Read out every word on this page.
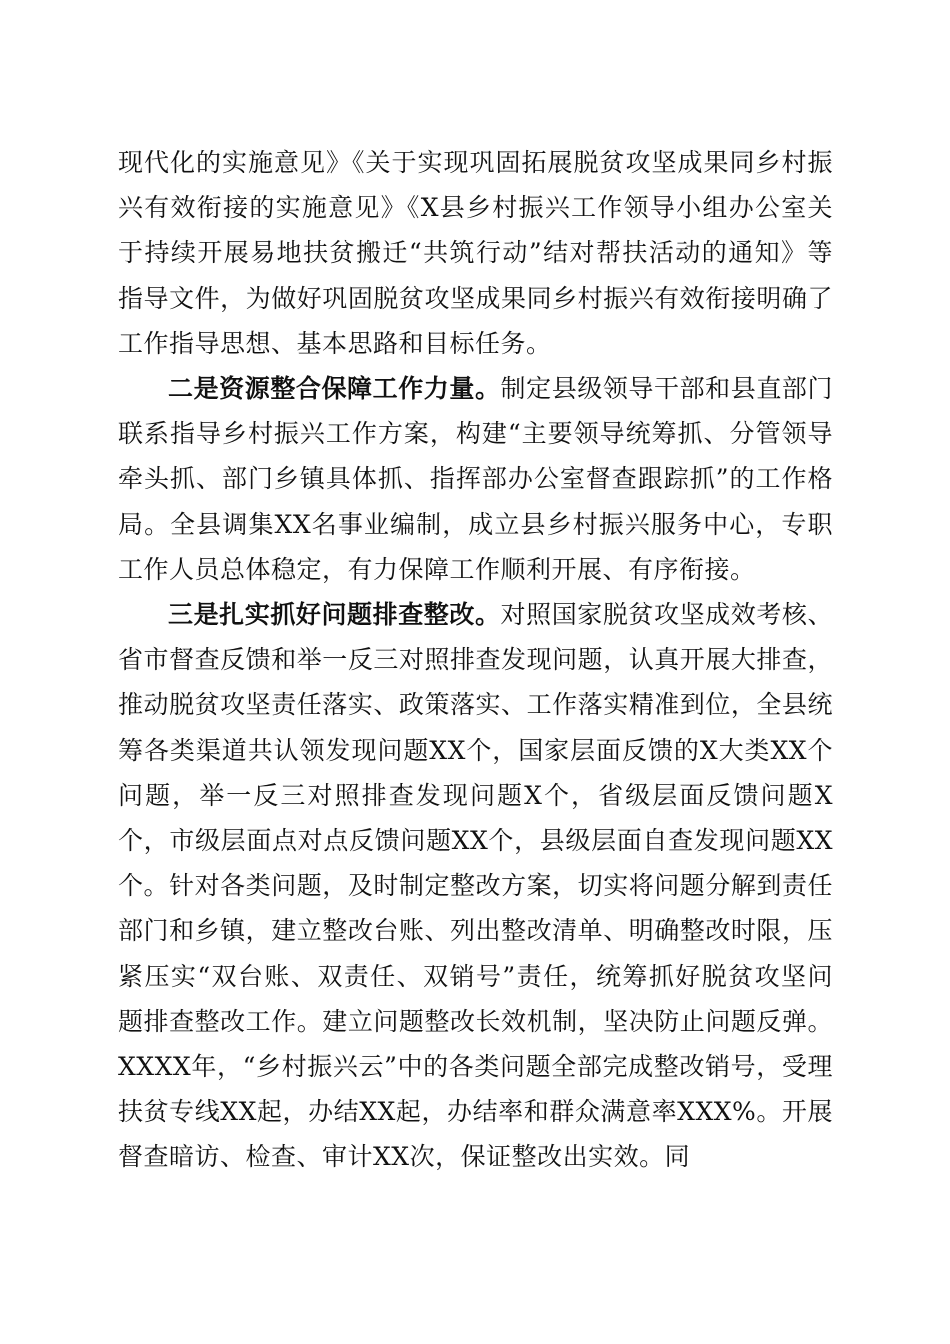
现代化的实施意见》《关于实现巩固拓展脱贫攻坚成果同乡村振兴有效衔接的实施意见》《X县乡村振兴工作领导小组办公室关于持续开展易地扶贫搬迁“共筑行动”结对帮扶活动的通知》等指导文件，为做好巩固脱贫攻坚成果同乡村振兴有效衔接明确了工作指导思想、基本思路和目标任务。

二是资源整合保障工作力量。制定县级领导干部和县直部门联系指导乡村振兴工作方案，构建“主要领导统筹抓、分管领导牵头抓、部门乡镇具体抓、指挥部办公室督查跟踪抓”的工作格局。全县调集XX名事业编制，成立县乡村振兴服务中心，专职工作人员总体稳定，有力保障工作顺利开展、有序衔接。

三是扎实抓好问题排查整改。对照国家脱贫攻坚成效考核、省市督查反馈和举一反三对照排查发现问题，认真开展大排查，推动脱贫攻坚责任落实、政策落实、工作落实精准到位，全县统筹各类渠道共认领发现问题XX个，国家层面反馈的X大类XX个问题，举一反三对照排查发现问题X个，省级层面反馈问题X个，市级层面点对点反馈问题XX个，县级层面自查发现问题XX个。针对各类问题，及时制定整改方案，切实将问题分解到责任部门和乡镇，建立整改台账、列出整改清单、明确整改时限，压紧压实“双台账、双责任、双销号”责任，统筹抓好脱贫攻坚问题排查整改工作。建立问题整改长效机制，坚决防止问题反弹。XXXX年，“乡村振兴云”中的各类问题全部完成整改销号，受理扶贫专线XX起，办结XX起，办结率和群众满意率XXX%。开展督查暗访、检查、审计XX次，保证整改出实效。同
